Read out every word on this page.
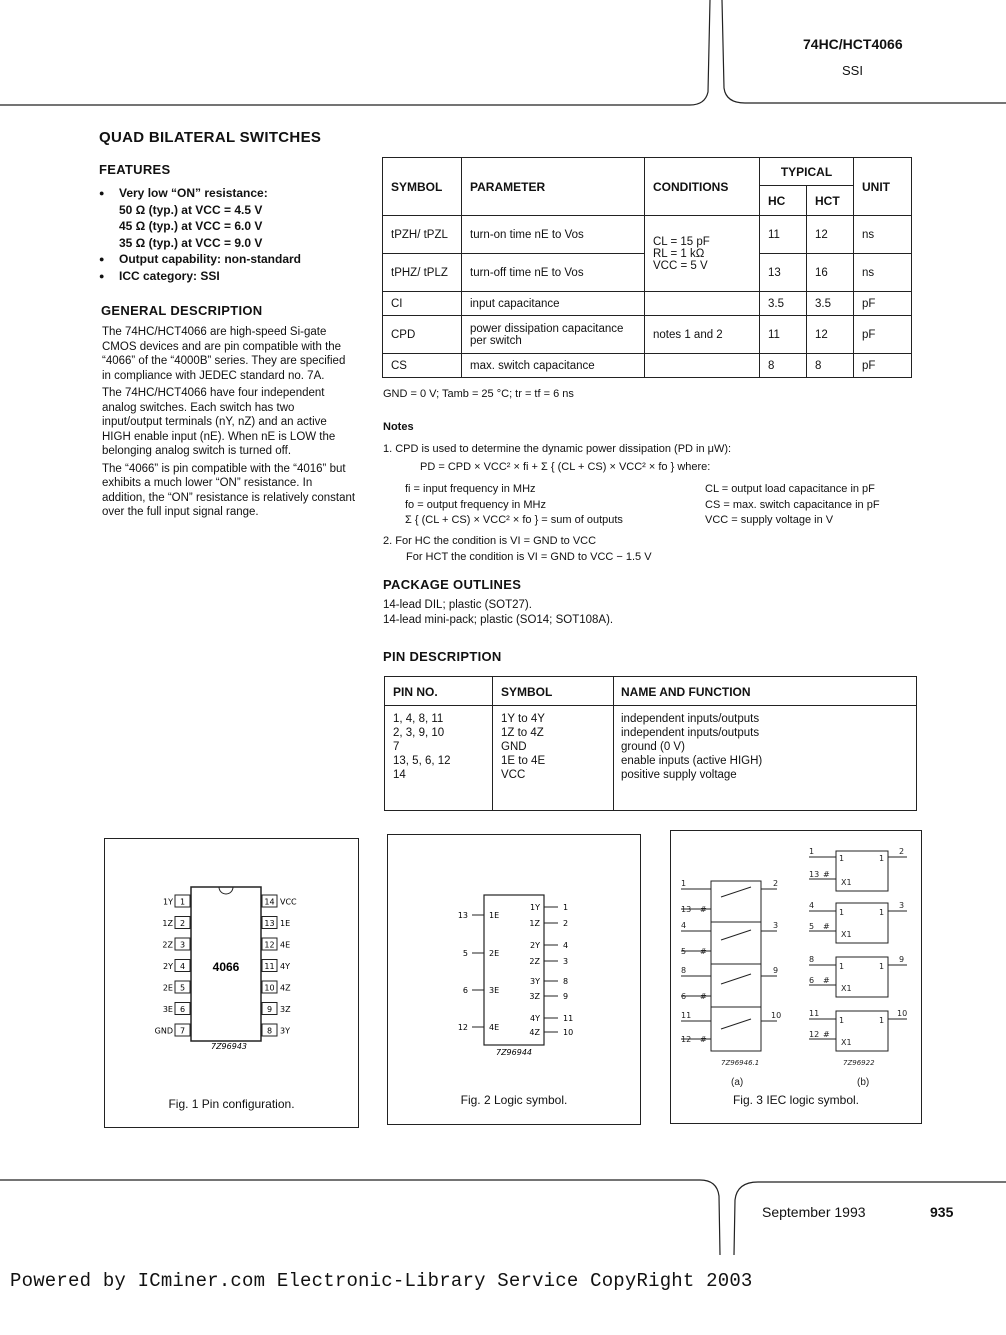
74HC/HCT4066
SSI
QUAD BILATERAL SWITCHES
FEATURES
● Very low “ON” resistance:
50 Ω (typ.) at VCC = 4.5 V
45 Ω (typ.) at VCC = 6.0 V
35 Ω (typ.) at VCC = 9.0 V
● Output capability: non-standard
● ICC category: SSI
GENERAL DESCRIPTION

The 74HC/HCT4066 are high-speed Si-gate CMOS devices and are pin compatible with the “4066” of the “4000B” series. They are specified in compliance with JEDEC standard no. 7A.

The 74HC/HCT4066 have four independent analog switches. Each switch has two input/output terminals (nY, nZ) and an active HIGH enable input (nE). When nE is LOW the belonging analog switch is turned off.

The “4066” is pin compatible with the “4016” but exhibits a much lower “ON” resistance. In addition, the “ON” resistance is relatively constant over the full input signal range.

SYMBOL	PARAMETER	CONDITIONS	TYPICAL		UNIT
			HC	HCT	
tPZH/ tPZL	turn-on time nE to Vos	CL = 15 pF
RL = 1 kΩ
VCC = 5 V	11	12	ns
tPHZ/ tPLZ	turn-off time nE to Vos		13	16	ns
CI	input capacitance		3.5	3.5	pF
CPD	power dissipation capacitance per switch	notes 1 and 2	11	12	pF
CS	max. switch capacitance		8	8	pF
GND = 0 V; Tamb = 25 °C; tr = tf = 6 ns
Notes
1. CPD is used to determine the dynamic power dissipation (PD in μW):
PD = CPD × VCC² × fi + Σ { (CL + CS) × VCC² × fo } where:
fi = input frequency in MHz
fo = output frequency in MHz
Σ { (CL + CS) × VCC² × fo } = sum of outputs
CL = output load capacitance in pF
CS = max. switch capacitance in pF
VCC = supply voltage in V
2. For HC the condition is VI = GND to VCC
For HCT the condition is VI = GND to VCC − 1.5 V
PACKAGE OUTLINES
14-lead DIL; plastic (SOT27).
14-lead mini-pack; plastic (SO14; SOT108A).
PIN DESCRIPTION
PIN NO.	SYMBOL	NAME AND FUNCTION

1, 4, 8, 11	1Y to 4Y	independent inputs/outputs
2, 3, 9, 10	1Z to 4Z	independent inputs/outputs
7	GND	ground (0 V)
13, 5, 6, 12	1E to 4E	enable inputs (active HIGH)
14	VCC	positive supply voltage
4066
1
1Y
2
1Z
3
2Z
4
2Y
5
2E
6
3E
7
GND
14 VCC
13 1E
12 4E
11 4Y
10 4Z
9 3Z
8 3Y
7Z96943
Fig. 1 Pin configuration.
13	1E
5	2E
6	3E
12	4E
1Y	1
1Z	2
2Y	4
2Z	3
3Y	8
3Z	9
4Y	11
4Z	10
7Z96944
Fig. 2 Logic symbol.
1	2
13 #
4	3
5 #
8	9
6 #
11	10
12 #
7Z96946.1
(a)
1	1
X1
1	1
X1
1	1
X1
1	1
X1
1	2
13 #
4	3
5 #
8	9
6 #
11	10
12 #
7Z96922
(b)
Fig. 3 IEC logic symbol.
September 1993	935
Powered by ICminer.com Electronic-Library Service CopyRight 2003
